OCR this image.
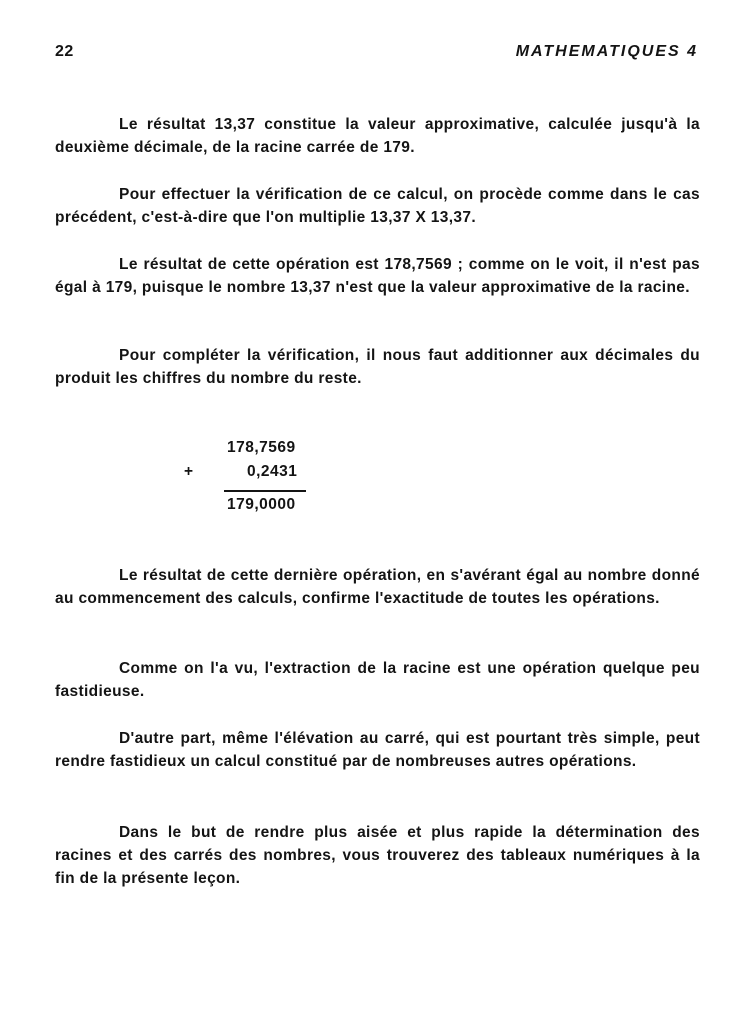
22	MATHEMATIQUES 4

Le résultat 13,37 constitue la valeur approximative, calculée jusqu'à la deuxième décimale, de la racine carrée de 179.

Pour effectuer la vérification de ce calcul, on procède comme dans le cas précédent, c'est-à-dire que l'on multiplie 13,37 X 13,37.

Le résultat de cette opération est 178,7569 ; comme on le voit, il n'est pas égal à 179, puisque le nombre 13,37 n'est que la valeur approximative de la racine.

Pour compléter la vérification, il nous faut additionner aux décimales du produit les chiffres du nombre du reste.

178,7569
+	0,2431
179,0000

Le résultat de cette dernière opération, en s'avérant égal au nombre donné au commencement des calculs, confirme l'exactitude de toutes les opérations.

Comme on l'a vu, l'extraction de la racine est une opération quelque peu fastidieuse.

D'autre part, même l'élévation au carré, qui est pourtant très simple, peut rendre fastidieux un calcul constitué par de nombreuses autres opérations.

Dans le but de rendre plus aisée et plus rapide la détermination des racines et des carrés des nombres, vous trouverez des tableaux numériques à la fin de la présente leçon.
